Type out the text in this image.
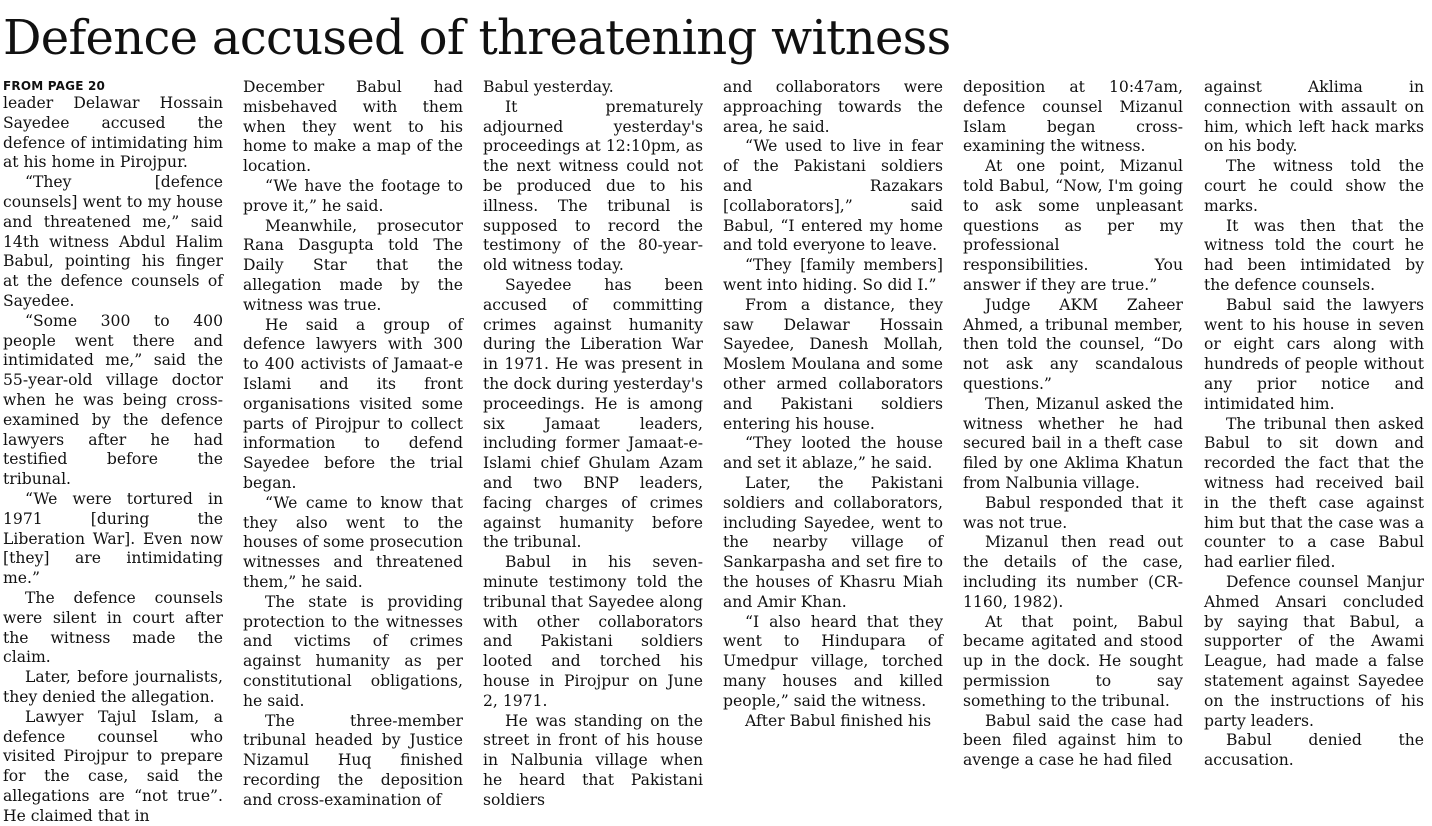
Defence accused of threatening witness
FROM PAGE 20

leader Delawar Hossain Sayedee accused the defence of intimidating him at his home in Pirojpur.

“They [defence counsels] went to my house and threatened me,” said 14th witness Abdul Halim Babul, pointing his finger at the defence counsels of Sayedee.

“Some 300 to 400 people went there and intimidated me,” said the 55-year-old village doctor when he was being cross-examined by the defence lawyers after he had testified before the tribunal.

“We were tortured in 1971 [during the Liberation War]. Even now [they] are intimidating me.”

The defence counsels were silent in court after the witness made the claim.

Later, before journalists, they denied the allegation.

Lawyer Tajul Islam, a defence counsel who visited Pirojpur to prepare for the case, said the allegations are “not true”. He claimed that in

December Babul had misbehaved with them when they went to his home to make a map of the location.

“We have the footage to prove it,” he said.

Meanwhile, prosecutor Rana Dasgupta told The Daily Star that the allegation made by the witness was true.

He said a group of defence lawyers with 300 to 400 activists of Jamaat-e Islami and its front organisations visited some parts of Pirojpur to collect information to defend Sayedee before the trial began.

“We came to know that they also went to the houses of some prosecution witnesses and threatened them,” he said.

The state is providing protection to the witnesses and victims of crimes against humanity as per constitutional obligations, he said.

The three-member tribunal headed by Justice Nizamul Huq finished recording the deposition and cross-examination of

Babul yesterday.

It prematurely adjourned yesterday's proceedings at 12:10pm, as the next witness could not be produced due to his illness. The tribunal is supposed to record the testimony of the 80-year-old witness today.

Sayedee has been accused of committing crimes against humanity during the Liberation War in 1971. He was present in the dock during yesterday's proceedings. He is among six Jamaat leaders, including former Jamaat-e-Islami chief Ghulam Azam and two BNP leaders, facing charges of crimes against humanity before the tribunal.

Babul in his seven-minute testimony told the tribunal that Sayedee along with other collaborators and Pakistani soldiers looted and torched his house in Pirojpur on June 2, 1971.

He was standing on the street in front of his house in Nalbunia village when he heard that Pakistani soldiers

and collaborators were approaching towards the area, he said.

“We used to live in fear of the Pakistani soldiers and Razakars [collaborators],” said Babul, “I entered my home and told everyone to leave.

“They [family members] went into hiding. So did I.”

From a distance, they saw Delawar Hossain Sayedee, Danesh Mollah, Moslem Moulana and some other armed collaborators and Pakistani soldiers entering his house.

“They looted the house and set it ablaze,” he said.

Later, the Pakistani soldiers and collaborators, including Sayedee, went to the nearby village of Sankarpasha and set fire to the houses of Khasru Miah and Amir Khan.

“I also heard that they went to Hindupara of Umedpur village, torched many houses and killed people,” said the witness.

After Babul finished his

deposition at 10:47am, defence counsel Mizanul Islam began cross-examining the witness.

At one point, Mizanul told Babul, “Now, I'm going to ask some unpleasant questions as per my professional responsibilities. You answer if they are true.”

Judge AKM Zaheer Ahmed, a tribunal member, then told the counsel, “Do not ask any scandalous questions.”

Then, Mizanul asked the witness whether he had secured bail in a theft case filed by one Aklima Khatun from Nalbunia village.

Babul responded that it was not true.

Mizanul then read out the details of the case, including its number (CR-1160, 1982).

At that point, Babul became agitated and stood up in the dock. He sought permission to say something to the tribunal.

Babul said the case had been filed against him to avenge a case he had filed

against Aklima in connection with assault on him, which left hack marks on his body.

The witness told the court he could show the marks.

It was then that the witness told the court he had been intimidated by the defence counsels.

Babul said the lawyers went to his house in seven or eight cars along with hundreds of people without any prior notice and intimidated him.

The tribunal then asked Babul to sit down and recorded the fact that the witness had received bail in the theft case against him but that the case was a counter to a case Babul had earlier filed.

Defence counsel Manjur Ahmed Ansari concluded by saying that Babul, a supporter of the Awami League, had made a false statement against Sayedee on the instructions of his party leaders.

Babul denied the accusation.
